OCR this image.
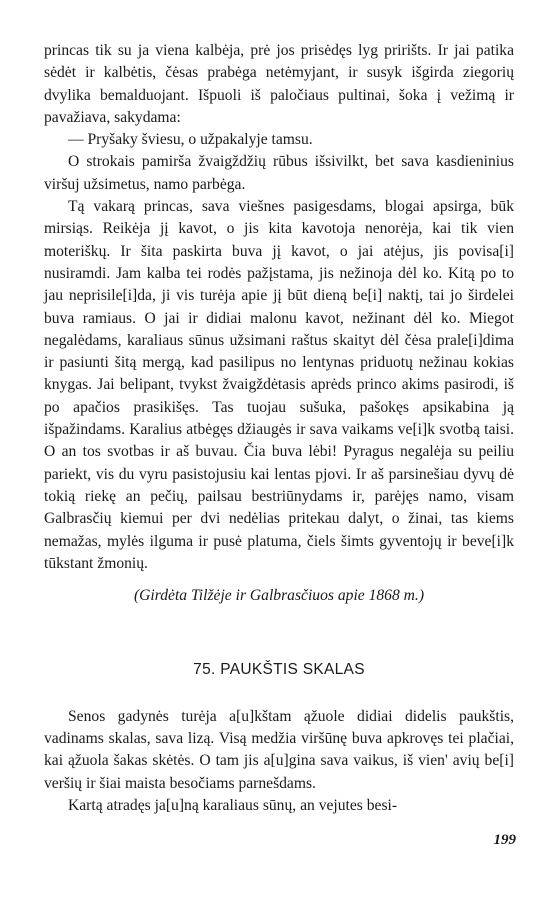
princas tik su ja viena kalbėja, prė jos prisėdęs lyg pririšts. Ir jai patika sėdėt ir kalbėtis, čėsas prabėga netėmyjant, ir susyk išgirda ziegorių dvylika bemalduojant. Išpuoli iš paločiaus pultinai, šoka į vežimą ir pavažiava, sakydama:

— Pryšaky šviesu, o užpakalyje tamsu.

O strokais pamirša žvaigždžių rūbus išsivilkt, bet sava kasdieninius viršuj užsimetus, namo parbėga.

Tą vakarą princas, sava viešnes pasigesdams, blogai apsirga, būk mirsiąs. Reikėja jį kavot, o jis kita kavotoja nenorėja, kai tik vien moteriškų. Ir šita paskirta buva jį kavot, o jai atėjus, jis povisa[i] nusiramdi. Jam kalba tei rodės pažįstama, jis nežinoja dėl ko. Kitą po to jau neprisile[i]da, ji vis turėja apie jį būt dieną be[i] naktį, tai jo širdelei buva ramiaus. O jai ir didiai malonu kavot, nežinant dėl ko. Miegot negalėdams, karaliaus sūnus užsimani raštus skaityt dėl čėsa prale[i]dima ir pasiunti šitą mergą, kad pasilipus no lentynas priduotų nežinau kokias knygas. Jai belipant, tvykst žvaigždėtasis aprėds princo akims pasirodi, iš po apačios prasikišęs. Tas tuojau sušuka, pašokęs apsikabina ją išpažindams. Karalius atbėgęs džiaugės ir sava vaikams ve[i]k svotbą taisi. O an tos svotbas ir aš buvau. Čia buva lėbi! Pyragus negalėja su peiliu pariekt, vis du vyru pasistojusiu kai lentas pjovi. Ir aš parsinešiau dyvų dė tokią riekę an pečių, pailsau bestriūnydams ir, parėjęs namo, visam Galbrasčių kiemui per dvi nedėlias pritekau dalyt, o žinai, tas kiems nemažas, mylės ilguma ir pusė platuma, čiels šimts gyventojų ir beve[i]k tūkstant žmonių.

(Girdėta Tilžėje ir Galbrasčiuos apie 1868 m.)

75. PAUKŠTIS SKALAS

Senos gadynės turėja a[u]kštam ąžuole didiai didelis paukštis, vadinams skalas, sava lizą. Visą medžia viršūnę buva apkrovęs tei plačiai, kai ąžuola šakas skėtės. O tam jis a[u]gina sava vaikus, iš vien' avių be[i] veršių ir šiai maista besočiams parnešdams.

Kartą atradęs ja[u]ną karaliaus sūnų, an vejutes besi-

199
